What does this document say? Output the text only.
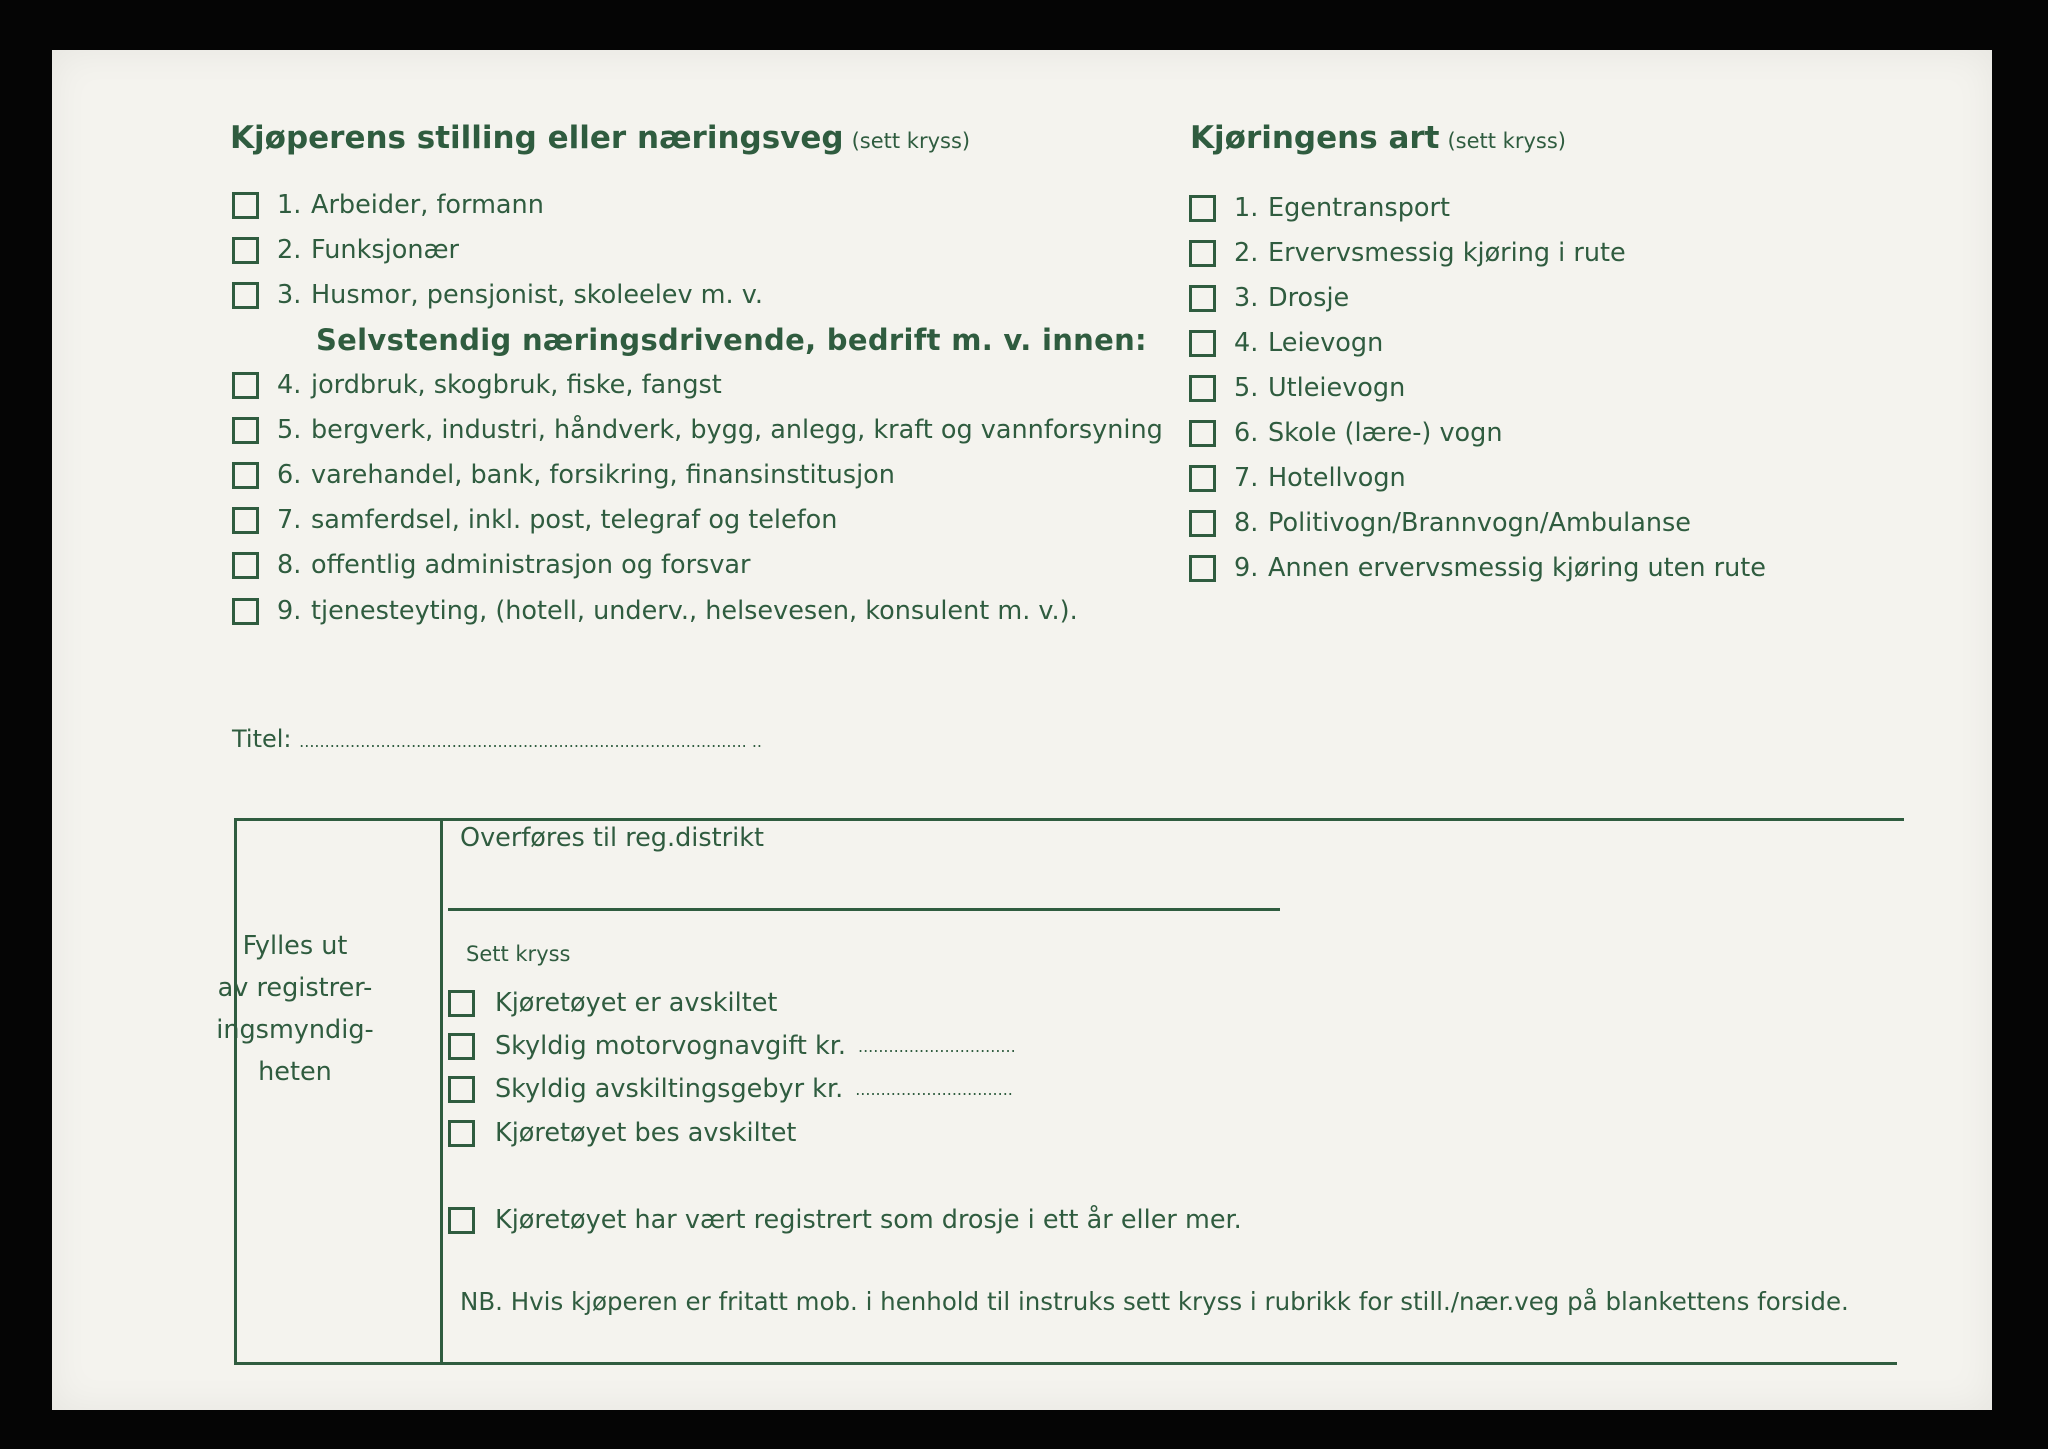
Kjøperens stilling eller næringsveg (sett kryss)
1. Arbeider, formann
2. Funksjonær
3. Husmor, pensjonist, skoleelev m. v.
4. jordbruk, skogbruk, fiske, fangst
5. bergverk, industri, håndverk, bygg, anlegg, kraft og vannforsyning
6. varehandel, bank, forsikring, finansinstitusjon
7. samferdsel, inkl. post, telegraf og telefon
8. offentlig administrasjon og forsvar
9. tjenesteyting, (hotell, underv., helsevesen, konsulent m. v.).
Selvstendig næringsdrivende, bedrift m. v. innen:
Kjøringens art (sett kryss)
1. Egentransport
2. Ervervsmessig kjøring i rute
3. Drosje
4. Leievogn
5. Utleievogn
6. Skole (lære-) vogn
7. Hotellvogn
8. Politivogn/Brannvogn/Ambulanse
9. Annen ervervsmessig kjøring uten rute
Titel: ........................................................................................ ..
Fylles ut
av registrer-
ingsmyndig-
heten
Overføres til reg.distrikt
Sett kryss
Kjøretøyet er avskiltet
Skyldig motorvognavgift kr. ...............................
Skyldig avskiltingsgebyr kr. ...............................
Kjøretøyet bes avskiltet
Kjøretøyet har vært registrert som drosje i ett år eller mer.
NB. Hvis kjøperen er fritatt mob. i henhold til instruks sett kryss i rubrikk for still./nær.veg på blankettens forside.
